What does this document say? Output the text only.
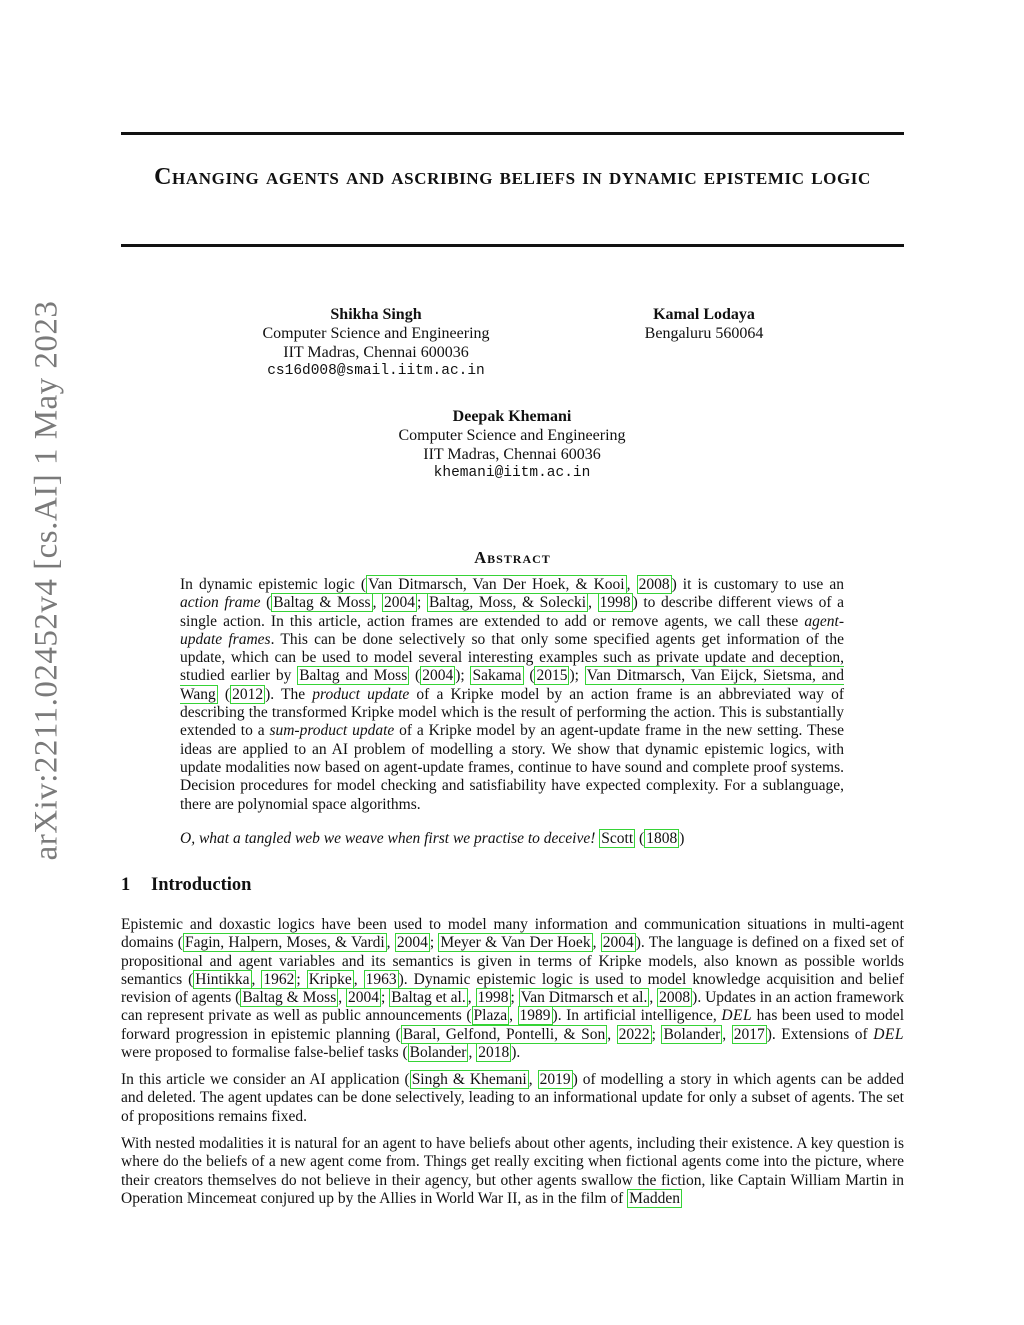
arXiv:2211.02452v4 [cs.AI] 1 May 2023
Changing agents and ascribing beliefs in dynamic epistemic logic
Shikha Singh
Computer Science and Engineering
IIT Madras, Chennai 600036
cs16d008@smail.iitm.ac.in
Kamal Lodaya
Bengaluru 560064
Deepak Khemani
Computer Science and Engineering
IIT Madras, Chennai 60036
khemani@iitm.ac.in
Abstract

In dynamic epistemic logic ( Van Ditmarsch, Van Der Hoek, & Kooi , 2008 ) it is customary to use an action frame ( Baltag & Moss , 2004 ; Baltag, Moss, & Solecki , 1998 ) to describe different views of a single action. In this article, action frames are extended to add or remove agents, we call these agent-update frames. This can be done selectively so that only some specified agents get information of the update, which can be used to model several interesting examples such as private update and deception, studied earlier by Baltag and Moss ( 2004 ); Sakama ( 2015 ); Van Ditmarsch, Van Eijck, Sietsma, and Wang ( 2012 ). The product update of a Kripke model by an action frame is an abbreviated way of describing the transformed Kripke model which is the result of performing the action. This is substantially extended to a sum-product update of a Kripke model by an agent-update frame in the new setting. These ideas are applied to an AI problem of modelling a story. We show that dynamic epistemic logics, with update modalities now based on agent-update frames, continue to have sound and complete proof systems. Decision procedures for model checking and satisfiability have expected complexity. For a sublanguage, there are polynomial space algorithms.

O, what a tangled web we weave when first we practise to deceive! Scott ( 1808 )

1 Introduction

Epistemic and doxastic logics have been used to model many information and communication situations in multi-agent domains ( Fagin, Halpern, Moses, & Vardi , 2004 ; Meyer & Van Der Hoek , 2004 ). The language is defined on a fixed set of propositional and agent variables and its semantics is given in terms of Kripke models, also known as possible worlds semantics ( Hintikka , 1962 ; Kripke , 1963 ). Dynamic epistemic logic is used to model knowledge acquisition and belief revision of agents ( Baltag & Moss , 2004 ; Baltag et al. , 1998 ; Van Ditmarsch et al. , 2008 ). Updates in an action framework can represent private as well as public announcements ( Plaza , 1989 ). In artificial intelligence, DEL has been used to model forward progression in epistemic planning ( Baral, Gelfond, Pontelli, & Son , 2022 ; Bolander , 2017 ). Extensions of DEL were proposed to formalise false-belief tasks ( Bolander , 2018 ).

In this article we consider an AI application ( Singh & Khemani , 2019 ) of modelling a story in which agents can be added and deleted. The agent updates can be done selectively, leading to an informational update for only a subset of agents. The set of propositions remains fixed.

With nested modalities it is natural for an agent to have beliefs about other agents, including their existence. A key question is where do the beliefs of a new agent come from. Things get really exciting when fictional agents come into the picture, where their creators themselves do not believe in their agency, but other agents swallow the fiction, like Captain William Martin in Operation Mincemeat conjured up by the Allies in World War II, as in the film of Madden
